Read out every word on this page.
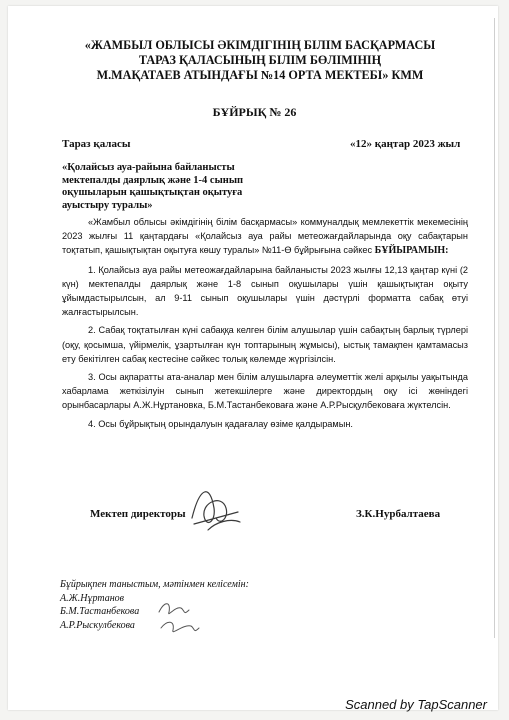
«ЖАМБЫЛ ОБЛЫСЫ ӘКІМДІГІНІҢ БІЛІМ БАСҚАРМАСЫ
ТАРАЗ ҚАЛАСЫНЫҢ БІЛІМ БӨЛІМІНІҢ
М.МАҚАТАЕВ АТЫНДАҒЫ №14 ОРТА МЕКТЕБІ» КММ
БҰЙРЫҚ № 26
Тараз қаласы	«12» қаңтар 2023 жыл
«Қолайсыз ауа-райына байланысты
мектепалды даярлық және 1-4 сынып
оқушыларын қашықтықтан оқытуға
ауыстыру туралы»

«Жамбыл облысы әкімдігінің білім басқармасы» коммуналдық мемлекеттік мекемесінің 2023 жылғы 11 қаңтардағы «Қолайсыз ауа райы метеожағдайларында оқу сабақтарын тоқтатып, қашықтықтан оқытуға көшу туралы» №11-Ө бұйрығына сәйкес БҰЙЫРАМЫН:

1. Қолайсыз ауа райы метеожағдайларына байланысты 2023 жылғы 12,13 қаңтар күні (2 күн) мектепалды даярлық және 1-8 сынып оқушылары үшін қашықтықтан оқыту ұйымдастырылсын, ал 9-11 сынып оқушылары үшін дәстүрлі форматта сабақ өтуі жалғастырылсын.

2. Сабақ тоқтатылған күні сабаққа келген білім алушылар үшін сабақтың барлық түрлері (оқу, қосымша, үйірмелік, ұзартылған күн топтарының жұмысы), ыстық тамақпен қамтамасыз ету бекітілген сабақ кестесіне сәйкес толық көлемде жүргізілсін.

3. Осы ақпаратты ата-аналар мен білім алушыларға әлеуметтік желі арқылы уақытында хабарлама жеткізілуін сынып жетекшілерге және директордың оқу ісі жөніндегі орынбасарлары А.Ж.Нұртановка, Б.М.Тастанбековаға және А.Р.Рысқулбековаға жүктелсін.

4. Осы бұйрықтың орындалуын қадағалау өзіме қалдырамын.

Мектеп директоры	З.К.Нурбалтаева
Бұйрықпен таныстым, мәтінмен келісемін:
А.Ж.Нұртанов
Б.М.Тастанбекова
А.Р.Рыскулбекова
Scanned by TapScanner
